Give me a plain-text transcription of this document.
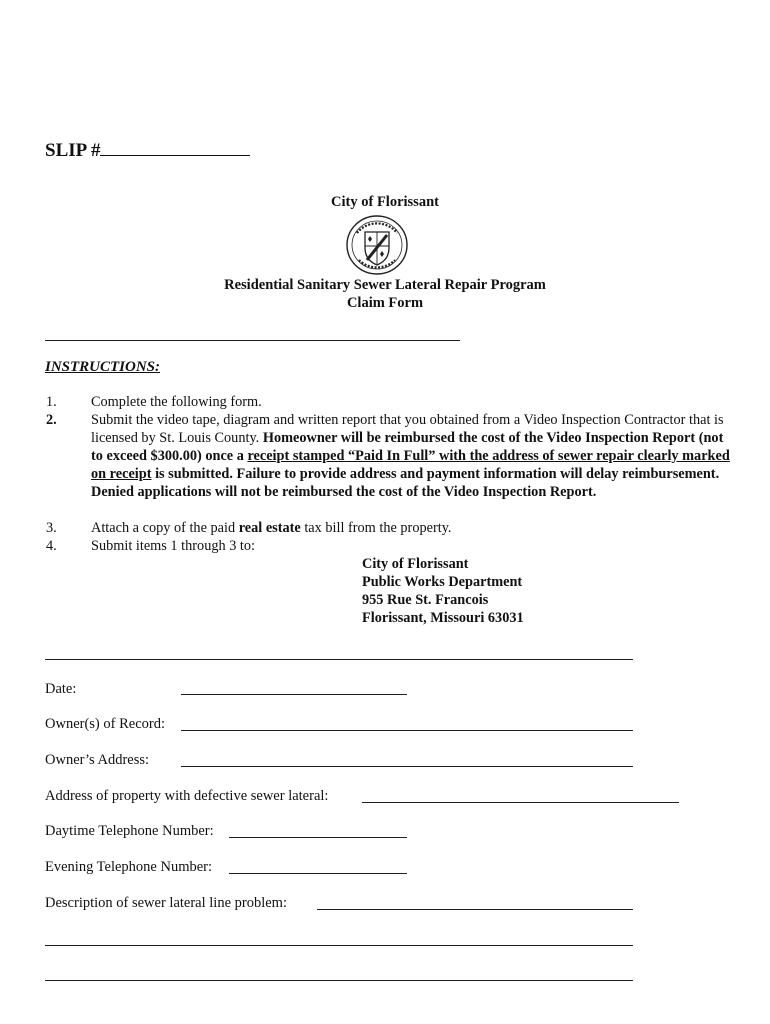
SLIP #
City of Florissant
Residential Sanitary Sewer Lateral Repair Program
Claim Form
INSTRUCTIONS:
1.	Complete the following form.
2.	Submit the video tape, diagram and written report that you obtained from a Video Inspection Contractor that is licensed by St. Louis County. Homeowner will be reimbursed the cost of the Video Inspection Report (not to exceed $300.00) once a receipt stamped “Paid In Full” with the address of sewer repair clearly marked on receipt is submitted. Failure to provide address and payment information will delay reimbursement. Denied applications will not be reimbursed the cost of the Video Inspection Report.
3.	Attach a copy of the paid real estate tax bill from the property.
4.	Submit items 1 through 3 to:
City of Florissant
Public Works Department
955 Rue St. Francois
Florissant, Missouri 63031
Date:
Owner(s) of Record:
Owner’s Address:
Address of property with defective sewer lateral:
Daytime Telephone Number:
Evening Telephone Number:
Description of sewer lateral line problem:
